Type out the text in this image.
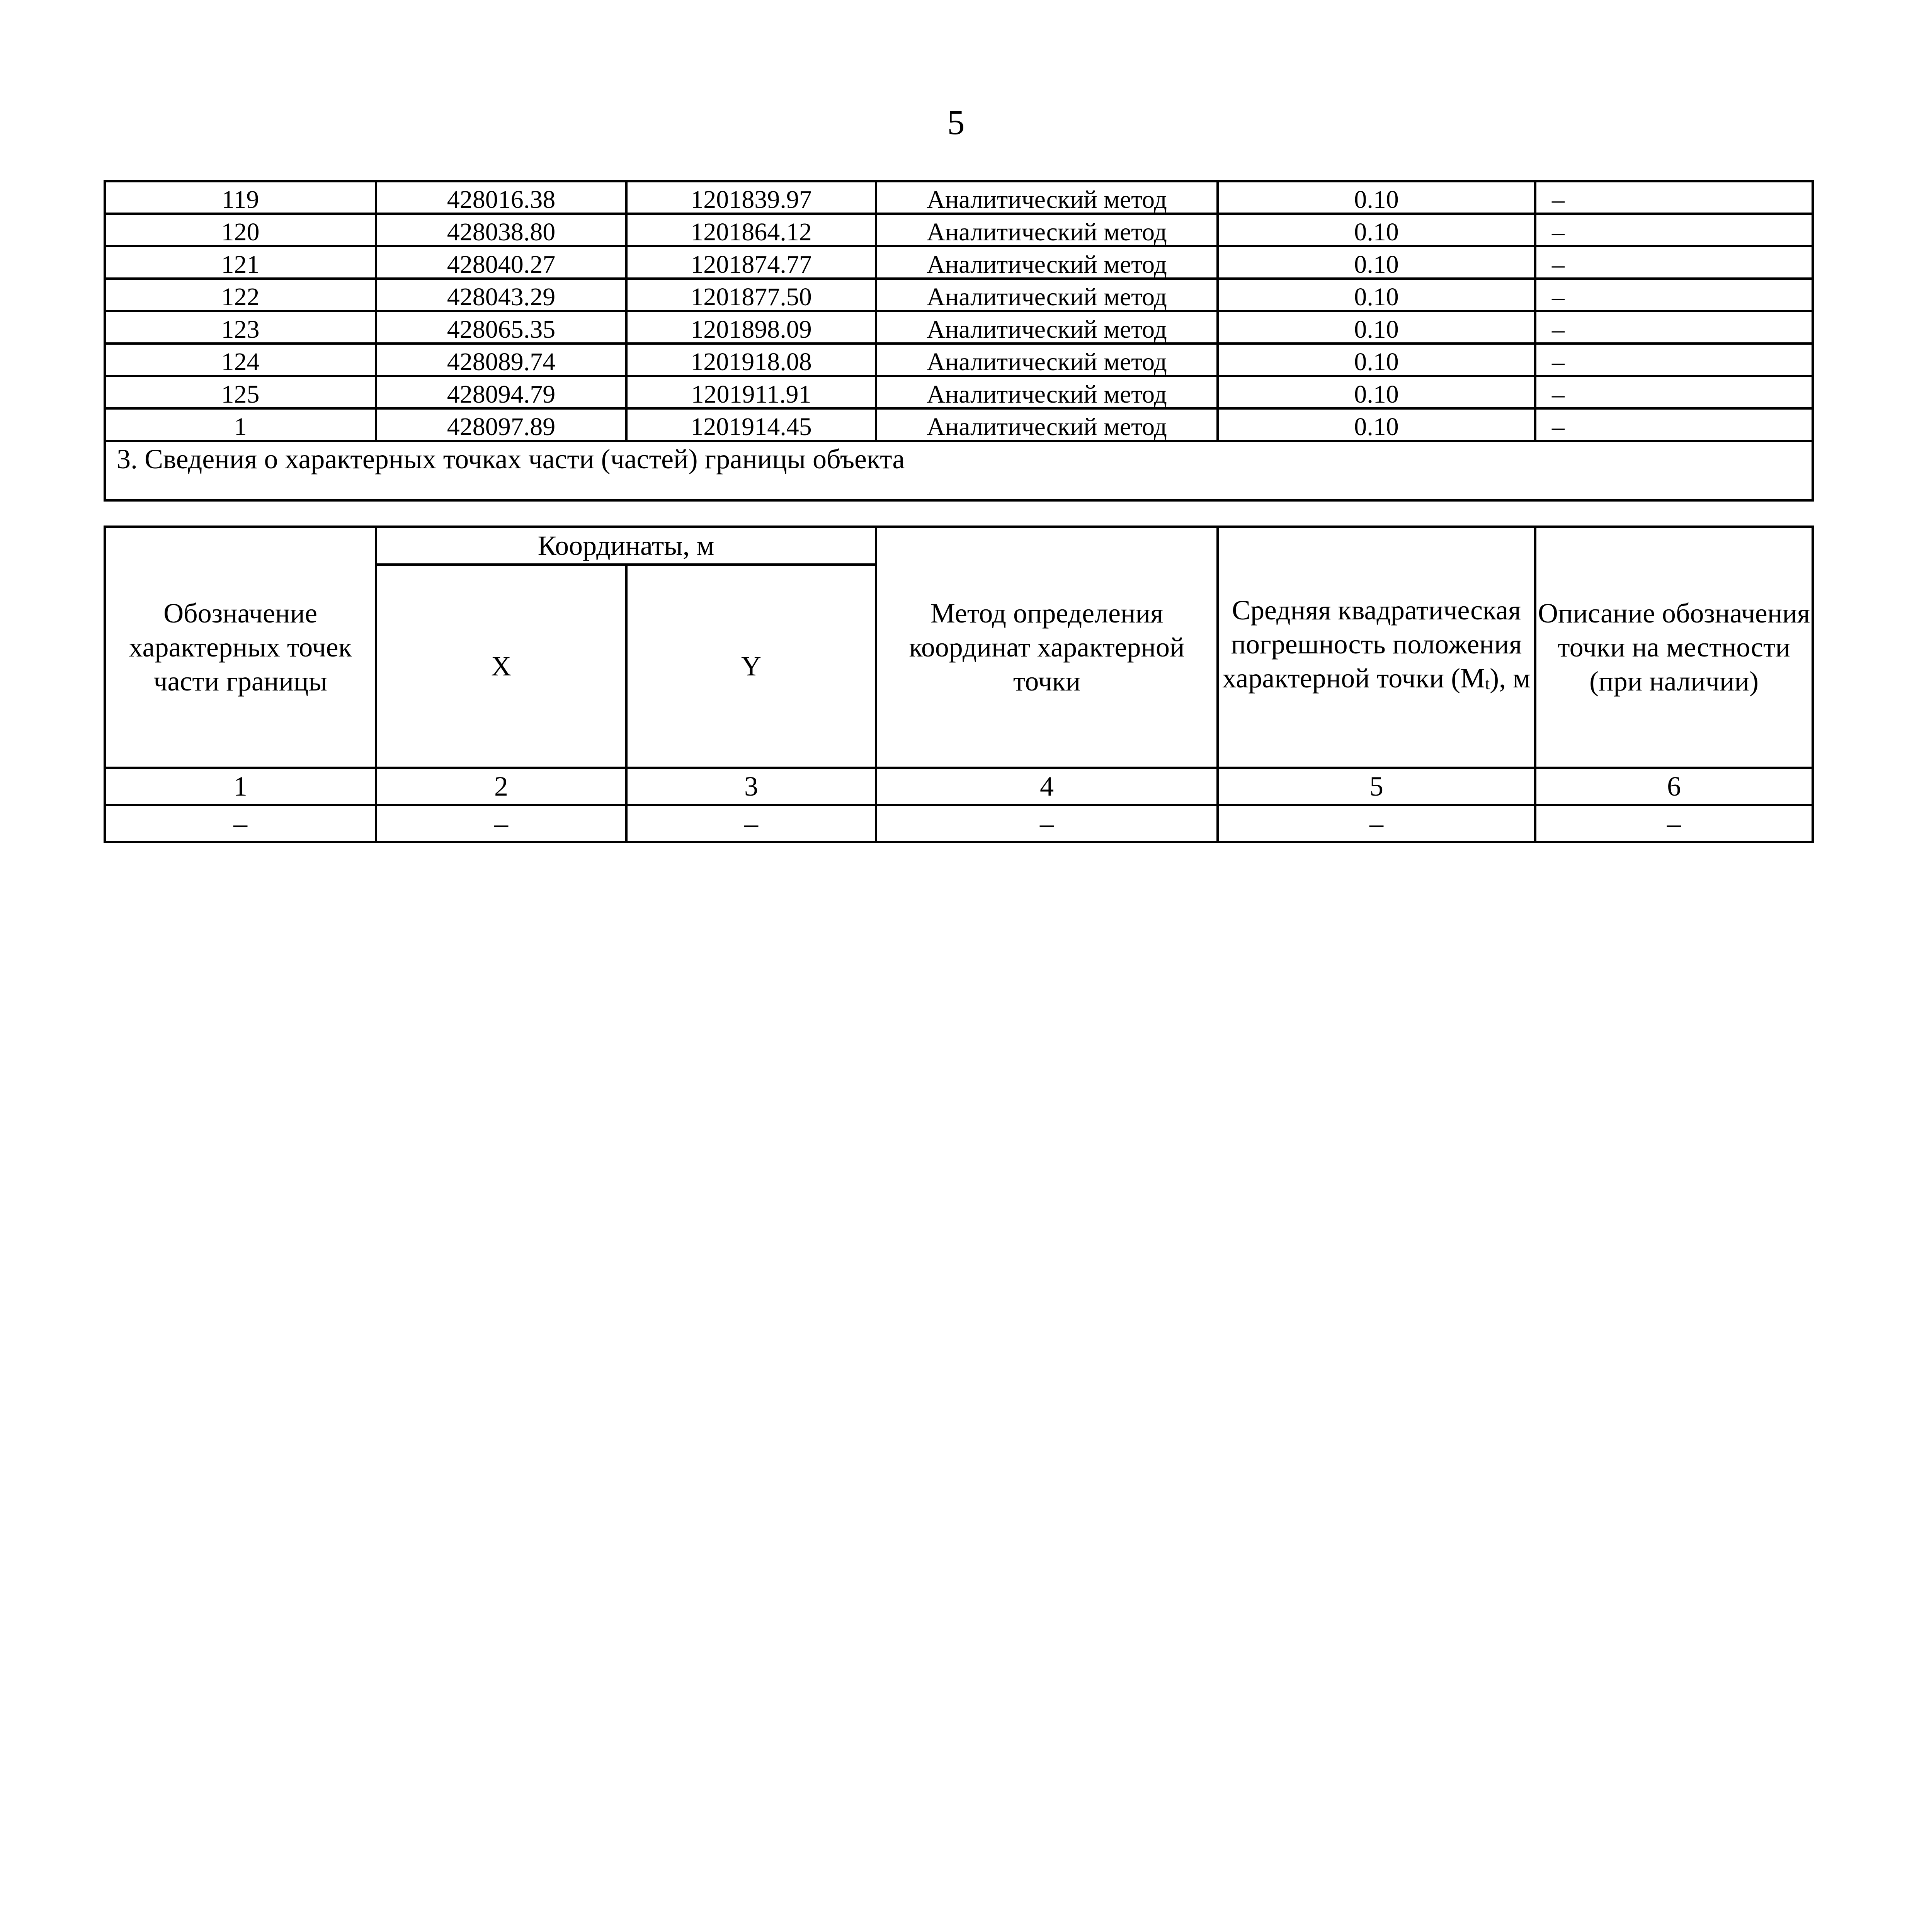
5
119	428016.38	1201839.97	Аналитический метод	0.10	–
120	428038.80	1201864.12	Аналитический метод	0.10	–
121	428040.27	1201874.77	Аналитический метод	0.10	–
122	428043.29	1201877.50	Аналитический метод	0.10	–
123	428065.35	1201898.09	Аналитический метод	0.10	–
124	428089.74	1201918.08	Аналитический метод	0.10	–
125	428094.79	1201911.91	Аналитический метод	0.10	–
1	428097.89	1201914.45	Аналитический метод	0.10	–
3. Сведения о характерных точках части (частей) границы объекта					
Обозначение характерных точек части границы	Координаты, м		Метод определения координат характерной точки	Средняя квадратическая погрешность положения характерной точки $(M_t)$, м	Описание обозначения точки на местности (при наличии)
	X	Y			
1	2	3	4	5	6
–	–	–	–	–	–
